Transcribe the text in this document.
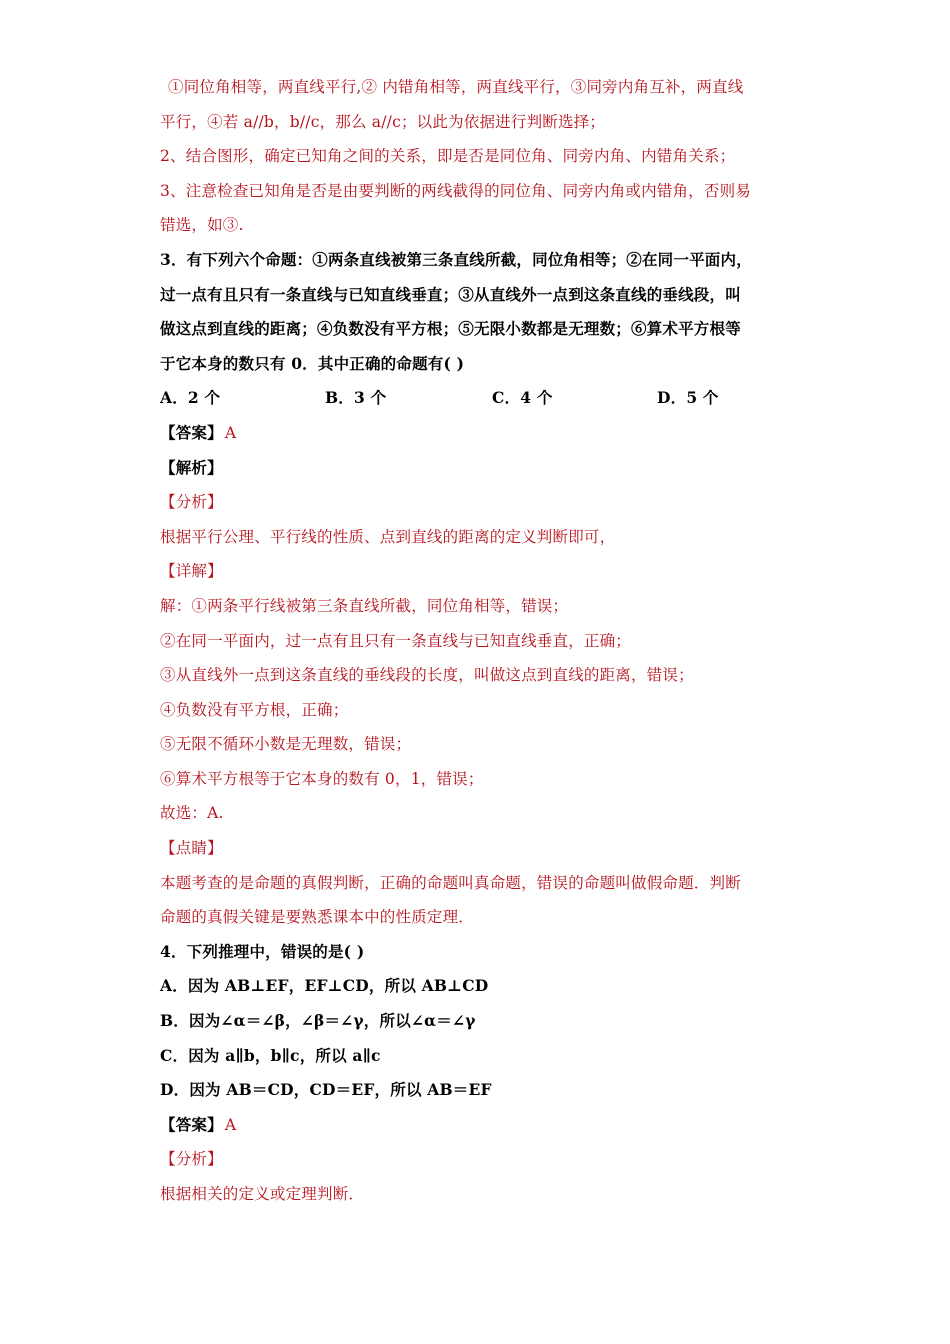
①同位角相等，两直线平行,② 内错角相等，两直线平行，③同旁内角互补，两直线
平行，④若 a//b，b//c，那么 a//c；以此为依据进行判断选择；
2、结合图形，确定已知角之间的关系，即是否是同位角、同旁内角、内错角关系；
3、注意检查已知角是否是由要判断的两线截得的同位角、同旁内角或内错角，否则易
错选，如③.
3．有下列六个命题：①两条直线被第三条直线所截，同位角相等；②在同一平面内，
过一点有且只有一条直线与已知直线垂直；③从直线外一点到这条直线的垂线段，叫
做这点到直线的距离；④负数没有平方根；⑤无限小数都是无理数；⑥算术平方根等
于它本身的数只有 0．其中正确的命题有( )
A．2 个	B．3 个	C．4 个	D．5 个
【答案】 A
【解析】
【分析】
根据平行公理、平行线的性质、点到直线的距离的定义判断即可，
【详解】
解：①两条平行线被第三条直线所截，同位角相等，错误；
②在同一平面内，过一点有且只有一条直线与已知直线垂直，正确；
③从直线外一点到这条直线的垂线段的长度，叫做这点到直线的距离，错误；
④负数没有平方根，正确；
⑤无限不循环小数是无理数，错误；
⑥算术平方根等于它本身的数有 0，1，错误；
故选：A.
【点睛】
本题考查的是命题的真假判断，正确的命题叫真命题，错误的命题叫做假命题．判断
命题的真假关键是要熟悉课本中的性质定理．
4．下列推理中，错误的是( )
A．因为 AB⊥EF，EF⊥CD，所以 AB⊥CD
B．因为∠α＝∠β，∠β＝∠γ，所以∠α＝∠γ
C．因为 a∥b，b∥c，所以 a∥c
D．因为 AB＝CD，CD＝EF，所以 AB＝EF
【答案】 A
【分析】
根据相关的定义或定理判断．
